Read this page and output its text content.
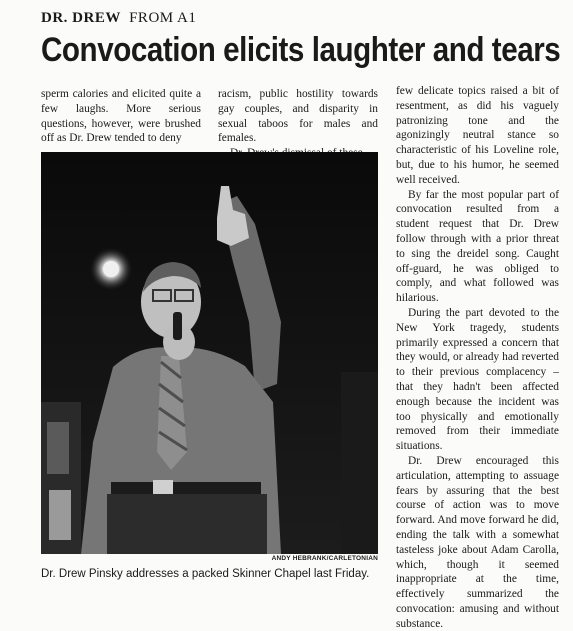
DR. DREW FROM A1
Convocation elicits laughter and tears

sperm calories and elicited quite a few laughs. More serious questions, however, were brushed off as Dr. Drew tended to deny

racism, public hostility towards gay couples, and disparity in sexual taboos for males and females.

few delicate topics raised a bit of resentment, as did his vaguely patronizing tone and the agonizingly neutral stance so characteristic of his Loveline role, but, due to his humor, he seemed well received.

By far the most popular part of convocation resulted from a student request that Dr. Drew follow through with a prior threat to sing the dreidel song. Caught off-guard, he was obliged to comply, and what followed was hilarious.

During the part devoted to the New York tragedy, students primarily expressed a concern that they would, or already had reverted to their previous complacency – that they hadn't been affected enough because the incident was too physically and emotionally removed from their immediate situations.

Dr. Drew encouraged this articulation, attempting to assuage fears by assuring that the best course of action was to move forward. And move forward he did, ending the talk with a somewhat tasteless joke about Adam Carolla, which, though it seemed inappropriate at the time, effectively summarized the convocation: amusing and without substance.

ANDY HEBRANK/CARLETONIAN
Dr. Drew Pinsky addresses a packed Skinner Chapel last Friday.
